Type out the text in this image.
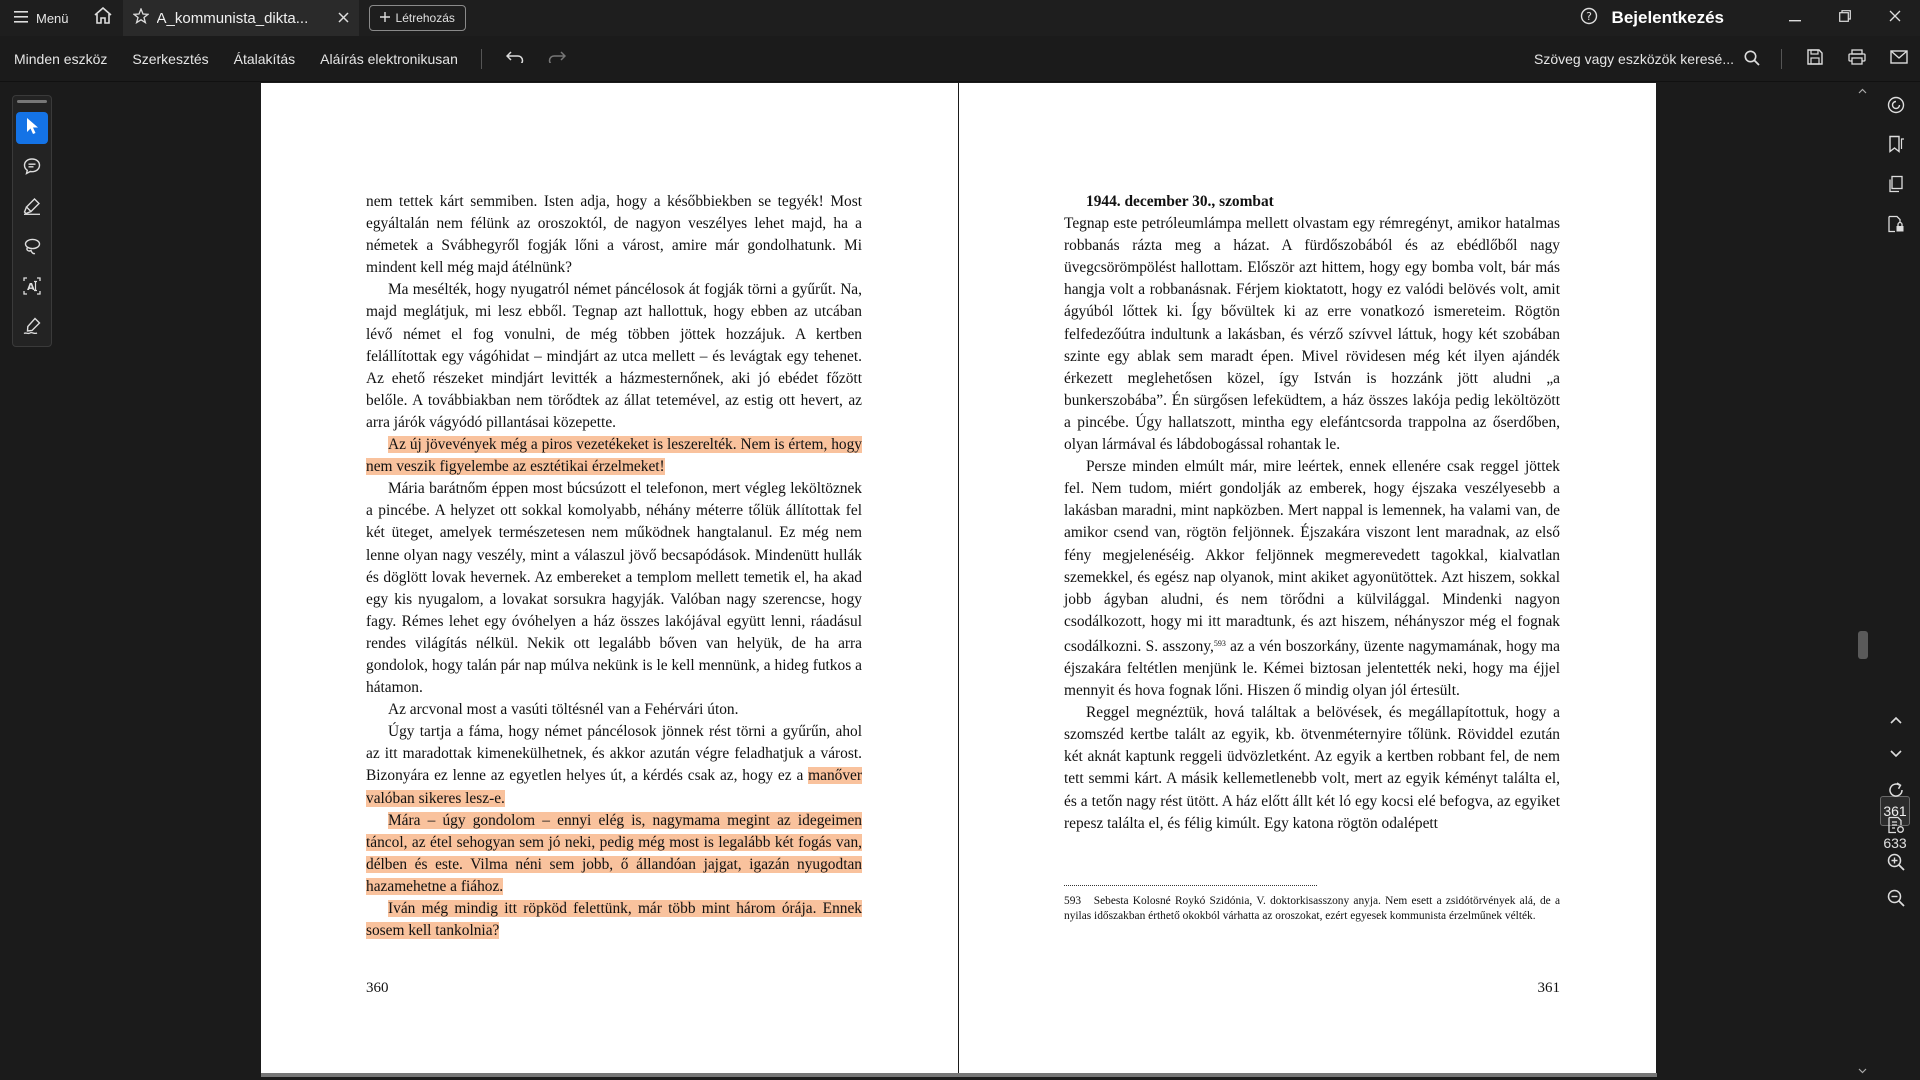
Menü	A_kommunista_dikta...	Létrehozás	?	Bejelentkezés
Minden eszköz	Szerkesztés	Átalakítás	Aláírás elektronikusan	Szöveg vagy eszközök keresé...
A

nem tettek kárt semmiben. Isten adja, hogy a későbbiekben se tegyék! Most egyáltalán nem félünk az oroszoktól, de nagyon veszélyes lehet majd, ha a németek a Svábhegyről fogják lőni a várost, amire már gondolhatunk. Mi mindent kell még majd átélnünk?

Ma mesélték, hogy nyugatról német páncélosok át fogják törni a gyűrűt. Na, majd meglátjuk, mi lesz ebből. Tegnap azt hallottuk, hogy ebben az utcában lévő német el fog vonulni, de még többen jöttek hozzájuk. A kertben felállítottak egy vágóhidat – mindjárt az utca mellett – és levágtak egy tehenet. Az ehető részeket mindjárt levitték a házmesternőnek, aki jó ebédet főzött belőle. A továbbiakban nem törődtek az állat tetemével, az estig ott hevert, az arra járók vágyódó pillantásai közepette.

Az új jövevények még a piros vezetékeket is leszerelték. Nem is értem, hogy nem veszik figyelembe az esztétikai érzelmeket!

Mária barátnőm éppen most búcsúzott el telefonon, mert végleg leköltöznek a pincébe. A helyzet ott sokkal komolyabb, néhány méterre tőlük állítottak fel két üteget, amelyek természetesen nem működnek hangtalanul. Ez még nem lenne olyan nagy veszély, mint a válaszul jövő becsapódások. Mindenütt hullák és döglött lovak hevernek. Az embereket a templom mellett temetik el, ha akad egy kis nyugalom, a lovakat sorsukra hagyják. Valóban nagy szerencse, hogy fagy. Rémes lehet egy óvóhelyen a ház összes lakójával együtt lenni, ráadásul rendes világítás nélkül. Nekik ott legalább bőven van helyük, de ha arra gondolok, hogy talán pár nap múlva nekünk is le kell mennünk, a hideg futkos a hátamon.

Az arcvonal most a vasúti töltésnél van a Fehérvári úton.

Úgy tartja a fáma, hogy német páncélosok jönnek rést törni a gyűrűn, ahol az itt maradottak kimenekülhetnek, és akkor azután végre feladhatjuk a várost. Bizonyára ez lenne az egyetlen helyes út, a kérdés csak az, hogy ez a manőver valóban sikeres lesz-e.

Mára – úgy gondolom – ennyi elég is, nagymama megint az idegeimen táncol, az étel sehogyan sem jó neki, pedig még most is legalább két fogás van, délben és este. Vilma néni sem jobb, ő állandóan jajgat, igazán nyugodtan hazamehetne a fiához.

Iván még mindig itt röpköd felettünk, már több mint három órája. Ennek sosem kell tankolnia?

360

1944. december 30., szombat

Tegnap este petróleumlámpa mellett olvastam egy rémregényt, amikor hatalmas robbanás rázta meg a házat. A fürdőszobából és az ebédlőből nagy üvegcsörömpölést hallottam. Először azt hittem, hogy egy bomba volt, bár más hangja volt a robbanásnak. Férjem kioktatott, hogy ez valódi belövés volt, amit ágyúból lőttek ki. Így bővültek ki az erre vonatkozó ismereteim. Rögtön felfedezőútra indultunk a lakásban, és vérző szívvel láttuk, hogy két szobában szinte egy ablak sem maradt épen. Mivel rövidesen még két ilyen ajándék érkezett meglehetősen közel, így István is hozzánk jött aludni „a bunkerszobába”. Én sürgősen lefeküdtem, a ház összes lakója pedig leköltözött a pincébe. Úgy hallatszott, mintha egy elefántcsorda trappolna az őserdőben, olyan lármával és lábdobogással rohantak le.

Persze minden elmúlt már, mire leértek, ennek ellenére csak reggel jöttek fel. Nem tudom, miért gondolják az emberek, hogy éjszaka veszélyesebb a lakásban maradni, mint napközben. Mert nappal is lemennek, ha valami van, de amikor csend van, rögtön feljönnek. Éjszakára viszont lent maradnak, az első fény megjelenéséig. Akkor feljönnek megmerevedett tagokkal, kialvatlan szemekkel, és egész nap olyanok, mint akiket agyonütöttek. Azt hiszem, sokkal jobb ágyban aludni, és nem törődni a külvilággal. Mindenki nagyon csodálkozott, hogy mi itt maradtunk, és azt hiszem, néhányszor még el fognak csodálkozni. S. asszony,$^{593}$ az a vén boszorkány, üzente nagymamának, hogy ma éjszakára feltétlen menjünk le. Kémei biztosan jelentették neki, hogy ma éjjel mennyit és hova fognak lőni. Hiszen ő mindig olyan jól értesült.

Reggel megnéztük, hová találtak a belövések, és megállapítottuk, hogy a szomszéd kertbe talált az egyik, kb. ötvenméternyire tőlünk. Röviddel ezután két aknát kaptunk reggeli üdvözletként. Az egyik a kertben robbant fel, de nem tett semmi kárt. A másik kellemetlenebb volt, mert az egyik kéményt találta el, és a tetőn nagy rést ütött. A ház előtt állt két ló egy kocsi elé befogva, az egyiket repesz találta el, és félig kimúlt. Egy katona rögtön odalépett

593 Sebesta Kolosné Roykó Szidónia, V. doktorkisasszony anyja. Nem esett a zsidótörvények alá, de a nyilas időszakban érthető okokból várhatta az oroszokat, ezért egyesek kommunista érzelműnek vélték.
361
361
633
